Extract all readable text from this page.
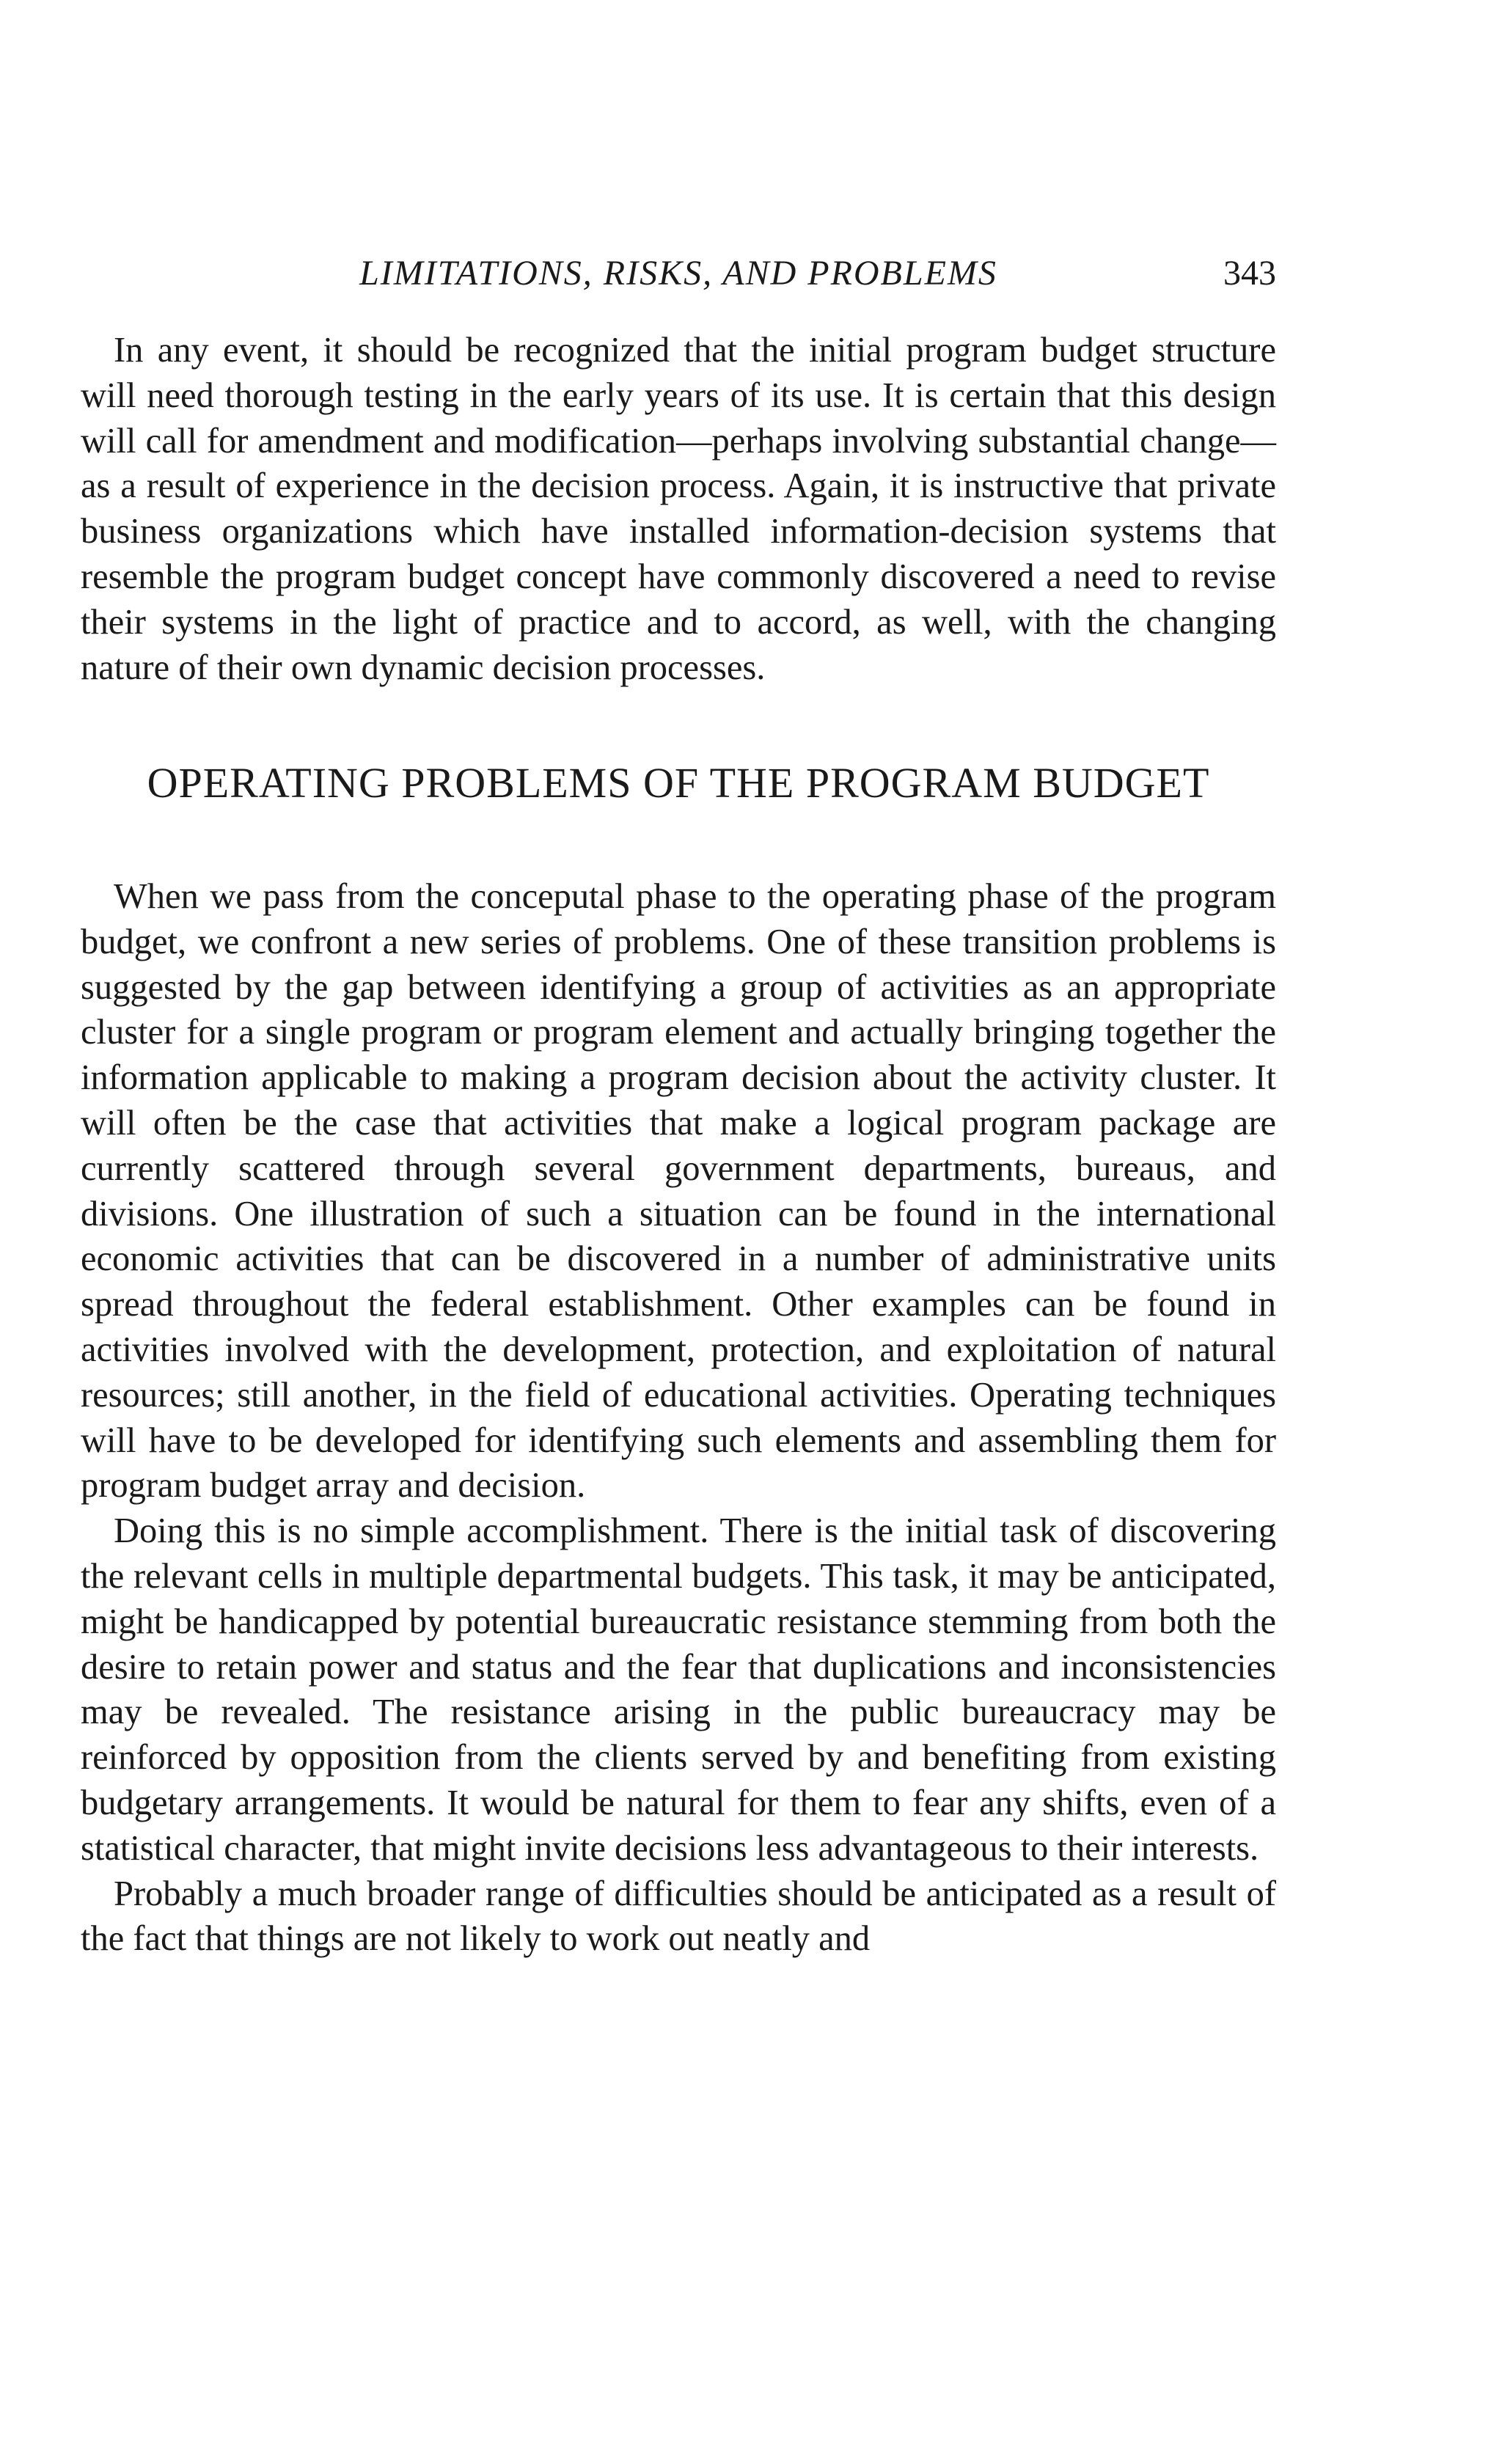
LIMITATIONS, RISKS, AND PROBLEMS	343

In any event, it should be recognized that the initial program budget structure will need thorough testing in the early years of its use. It is certain that this design will call for amendment and modification—perhaps involving substantial change—as a result of experience in the decision process. Again, it is instructive that private business organizations which have installed information-decision systems that resemble the program budget concept have commonly discovered a need to revise their systems in the light of practice and to accord, as well, with the changing nature of their own dynamic decision processes.

OPERATING PROBLEMS OF THE PROGRAM BUDGET

When we pass from the conceputal phase to the operating phase of the program budget, we confront a new series of problems. One of these transition problems is suggested by the gap between identifying a group of activities as an appropriate cluster for a single program or program element and actually bringing together the information applicable to making a program decision about the activity cluster. It will often be the case that activities that make a logical program package are currently scattered through several government departments, bureaus, and divisions. One illustration of such a situation can be found in the international economic activities that can be discovered in a number of administrative units spread throughout the federal establishment. Other examples can be found in activities involved with the development, protection, and exploitation of natural resources; still another, in the field of educational activities. Operating techniques will have to be developed for identifying such elements and assembling them for program budget array and decision.

Doing this is no simple accomplishment. There is the initial task of discovering the relevant cells in multiple departmental budgets. This task, it may be anticipated, might be handicapped by potential bureaucratic resistance stemming from both the desire to retain power and status and the fear that duplications and inconsistencies may be revealed. The resistance arising in the public bureaucracy may be reinforced by opposition from the clients served by and benefiting from existing budgetary arrangements. It would be natural for them to fear any shifts, even of a statistical character, that might invite decisions less advantageous to their interests.

Probably a much broader range of difficulties should be anticipated as a result of the fact that things are not likely to work out neatly and
